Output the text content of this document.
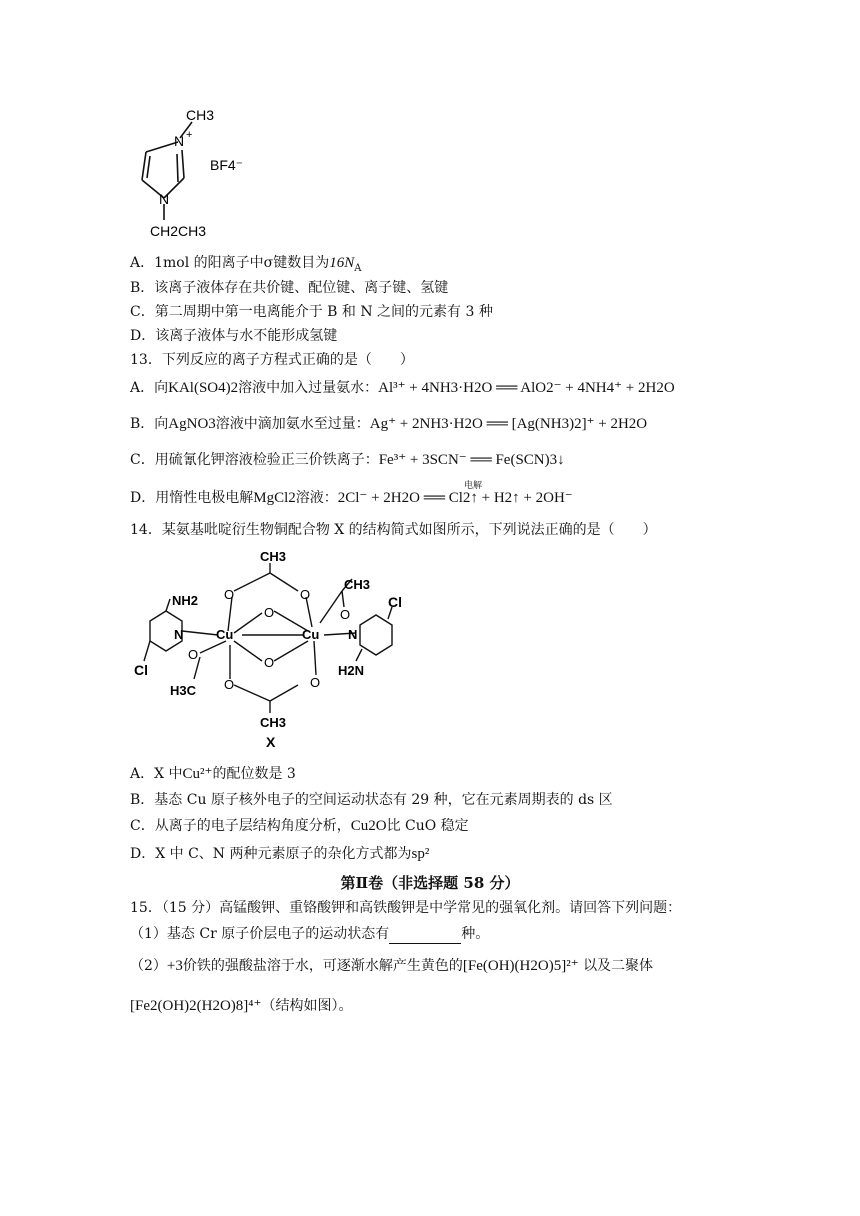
CH3
N +
N
BF4⁻
CH2CH3
A．1mol 的阳离子中σ键数目为$16N_A$
B．该离子液体存在共价键、配位键、离子键、氢键
C．第二周期中第一电离能介于 B 和 N 之间的元素有 3 种
D．该离子液体与水不能形成氢键
13．下列反应的离子方程式正确的是（　　）
A．向KAl(SO4)2溶液中加入过量氨水：Al³⁺ + 4NH3·H2O ══ AlO2⁻ + 4NH4⁺ + 2H2O
B．向AgNO3溶液中滴加氨水至过量：Ag⁺ + 2NH3·H2O ══ [Ag(NH3)2]⁺ + 2H2O
C．用硫氰化钾溶液检验正三价铁离子：Fe³⁺ + 3SCN⁻ ══ Fe(SCN)3↓
电解
D．用惰性电极电解MgCl2溶液：2Cl⁻ + 2H2O ══ Cl2↑ + H2↑ + 2OH⁻
14．某氨基吡啶衍生物铜配合物 X 的结构简式如图所示，下列说法正确的是（　　）
CH3
O	O
O	O
CH3
NH2
N	Cu	Cu N
Cl
Cl
O
O
O
O
H2N
H3C
CH3
X
A．X 中Cu²⁺的配位数是 3
B．基态 Cu 原子核外电子的空间运动状态有 29 种，它在元素周期表的 ds 区
C．从离子的电子层结构角度分析，Cu2O比 CuO 稳定
D．X 中 C、N 两种元素原子的杂化方式都为sp²
第Ⅱ卷（非选择题 58 分）
15．（15 分）高锰酸钾、重铬酸钾和高铁酸钾是中学常见的强氧化剂。请回答下列问题：
（1）基态 Cr 原子价层电子的运动状态有	种。
（2）+3价铁的强酸盐溶于水，可逐渐水解产生黄色的[Fe(OH)(H2O)5]²⁺ 以及二聚体
[Fe2(OH)2(H2O)8]⁴⁺（结构如图）。
